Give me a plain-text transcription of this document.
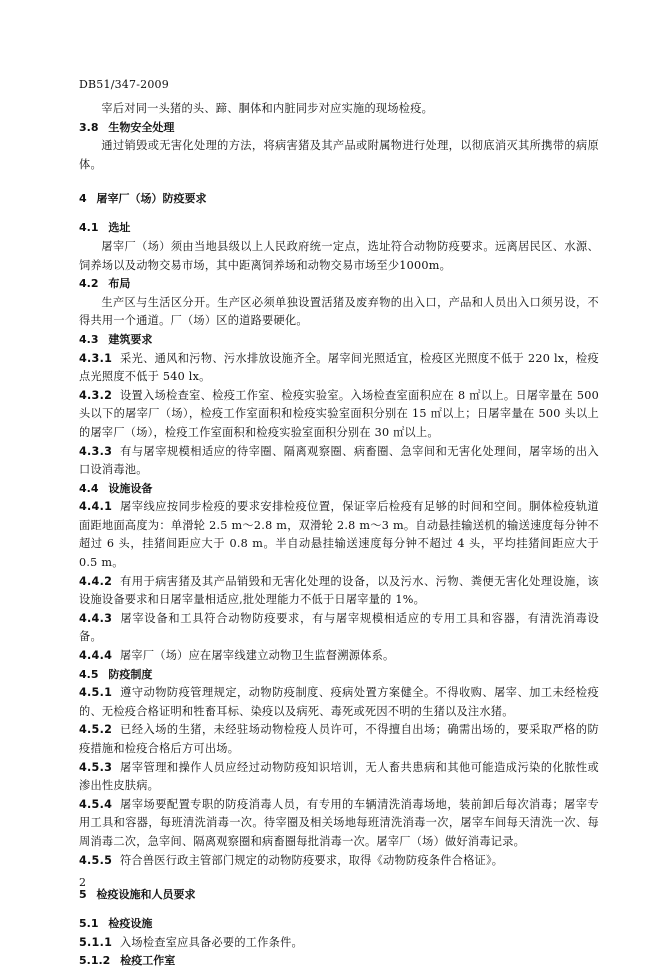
DB51/347-2009

宰后对同一头猪的头、蹄、胴体和内脏同步对应实施的现场检疫。

3.8 生物安全处理

通过销毁或无害化处理的方法，将病害猪及其产品或附属物进行处理，以彻底消灭其所携带的病原体。

4 屠宰厂（场）防疫要求
4.1 选址

屠宰厂（场）须由当地县级以上人民政府统一定点，选址符合动物防疫要求。远离居民区、水源、饲养场以及动物交易市场，其中距离饲养场和动物交易市场至少1000m。

4.2 布局

生产区与生活区分开。生产区必须单独设置活猪及废弃物的出入口，产品和人员出入口须另设，不得共用一个通道。厂（场）区的道路要硬化。

4.3 建筑要求

4.3.1 采光、通风和污物、污水排放设施齐全。屠宰间光照适宜，检疫区光照度不低于 220 lx，检疫点光照度不低于 540 lx。

4.3.2 设置入场检查室、检疫工作室、检疫实验室。入场检查室面积应在 8 ㎡以上。日屠宰量在 500 头以下的屠宰厂（场），检疫工作室面积和检疫实验室面积分别在 15 ㎡以上；日屠宰量在 500 头以上的屠宰厂（场），检疫工作室面积和检疫实验室面积分别在 30 ㎡以上。

4.3.3 有与屠宰规模相适应的待宰圈、隔离观察圈、病畜圈、急宰间和无害化处理间，屠宰场的出入口设消毒池。

4.4 设施设备

4.4.1 屠宰线应按同步检疫的要求安排检疫位置，保证宰后检疫有足够的时间和空间。胴体检疫轨道面距地面高度为：单滑轮 2.5 m～2.8 m，双滑轮 2.8 m～3 m。自动悬挂输送机的输送速度每分钟不超过 6 头，挂猪间距应大于 0.8 m。半自动悬挂输送速度每分钟不超过 4 头，平均挂猪间距应大于 0.5 m。

4.4.2 有用于病害猪及其产品销毁和无害化处理的设备，以及污水、污物、粪便无害化处理设施，该设施设备要求和日屠宰量相适应,批处理能力不低于日屠宰量的 1%。

4.4.3 屠宰设备和工具符合动物防疫要求，有与屠宰规模相适应的专用工具和容器，有清洗消毒设备。

4.4.4 屠宰厂（场）应在屠宰线建立动物卫生监督溯源体系。

4.5 防疫制度

4.5.1 遵守动物防疫管理规定，动物防疫制度、疫病处置方案健全。不得收购、屠宰、加工未经检疫的、无检疫合格证明和牲畜耳标、染疫以及病死、毒死或死因不明的生猪以及注水猪。

4.5.2 已经入场的生猪，未经驻场动物检疫人员许可，不得擅自出场；确需出场的，要采取严格的防疫措施和检疫合格后方可出场。

4.5.3 屠宰管理和操作人员应经过动物防疫知识培训，无人畜共患病和其他可能造成污染的化脓性或渗出性皮肤病。

4.5.4 屠宰场要配置专职的防疫消毒人员，有专用的车辆清洗消毒场地，装前卸后每次消毒；屠宰专用工具和容器，每班清洗消毒一次。待宰圈及相关场地每班清洗消毒一次，屠宰车间每天清洗一次、每周消毒二次，急宰间、隔离观察圈和病畜圈每批消毒一次。屠宰厂（场）做好消毒记录。

4.5.5 符合兽医行政主管部门规定的动物防疫要求，取得《动物防疫条件合格证》。

5 检疫设施和人员要求
5.1 检疫设施

5.1.1 入场检查室应具备必要的工作条件。

5.1.2 检疫工作室
2
